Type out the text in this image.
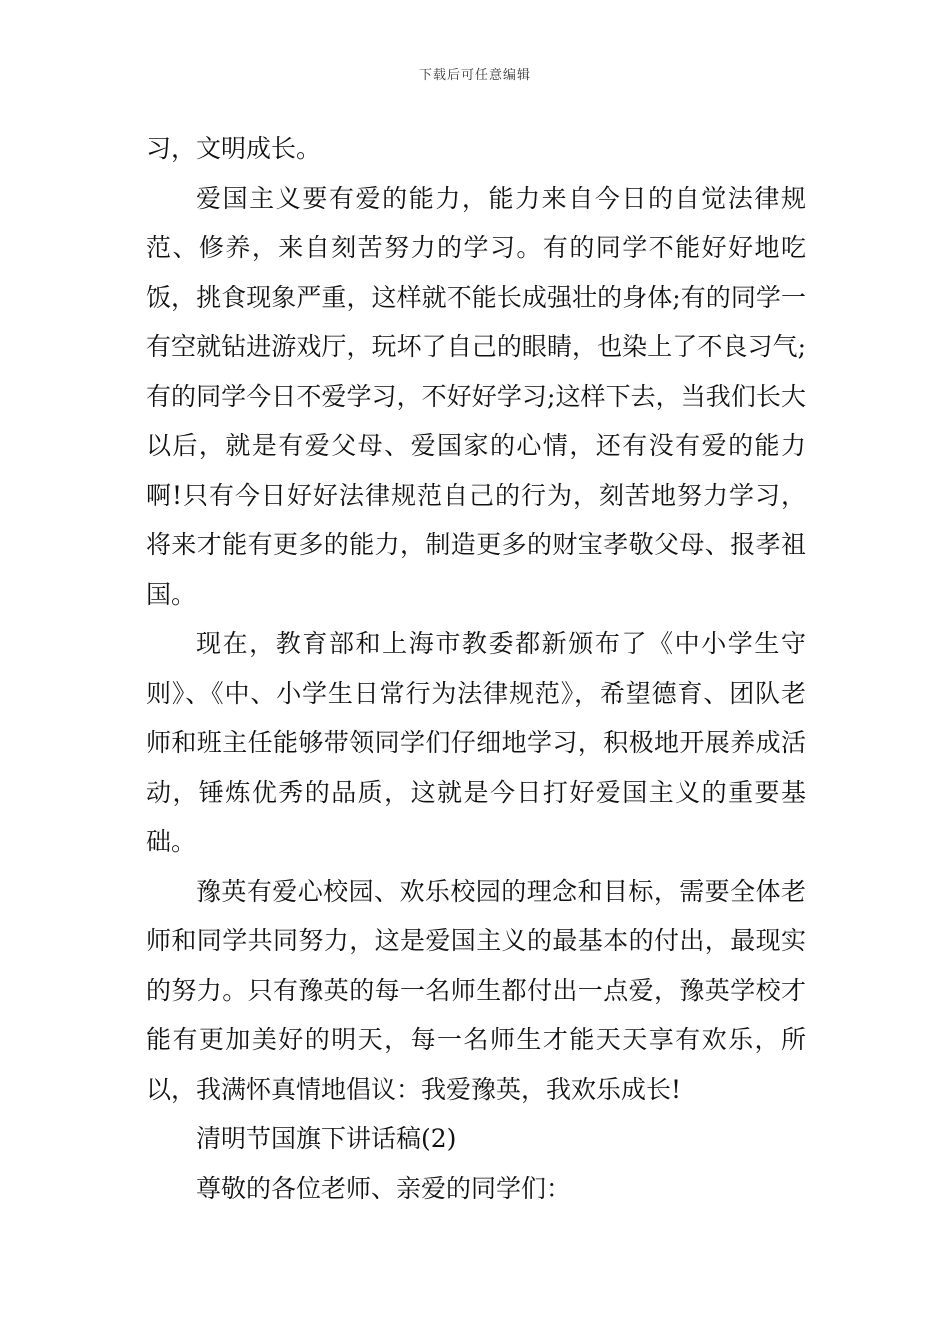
下载后可任意编辑

习，文明成长。

爱国主义要有爱的能力，能力来自今日的自觉法律规范、修养，来自刻苦努力的学习。有的同学不能好好地吃饭，挑食现象严重，这样就不能长成强壮的身体;有的同学一有空就钻进游戏厅，玩坏了自己的眼睛，也染上了不良习气;有的同学今日不爱学习，不好好学习;这样下去，当我们长大以后，就是有爱父母、爱国家的心情，还有没有爱的能力啊!只有今日好好法律规范自己的行为，刻苦地努力学习，将来才能有更多的能力，制造更多的财宝孝敬父母、报孝祖国。

现在，教育部和上海市教委都新颁布了《中小学生守则》、《中、小学生日常行为法律规范》，希望德育、团队老师和班主任能够带领同学们仔细地学习，积极地开展养成活动，锤炼优秀的品质，这就是今日打好爱国主义的重要基础。

豫英有爱心校园、欢乐校园的理念和目标，需要全体老师和同学共同努力，这是爱国主义的最基本的付出，最现实的努力。只有豫英的每一名师生都付出一点爱，豫英学校才能有更加美好的明天，每一名师生才能天天享有欢乐，所以，我满怀真情地倡议：我爱豫英，我欢乐成长!

清明节国旗下讲话稿(2)

尊敬的各位老师、亲爱的同学们：
